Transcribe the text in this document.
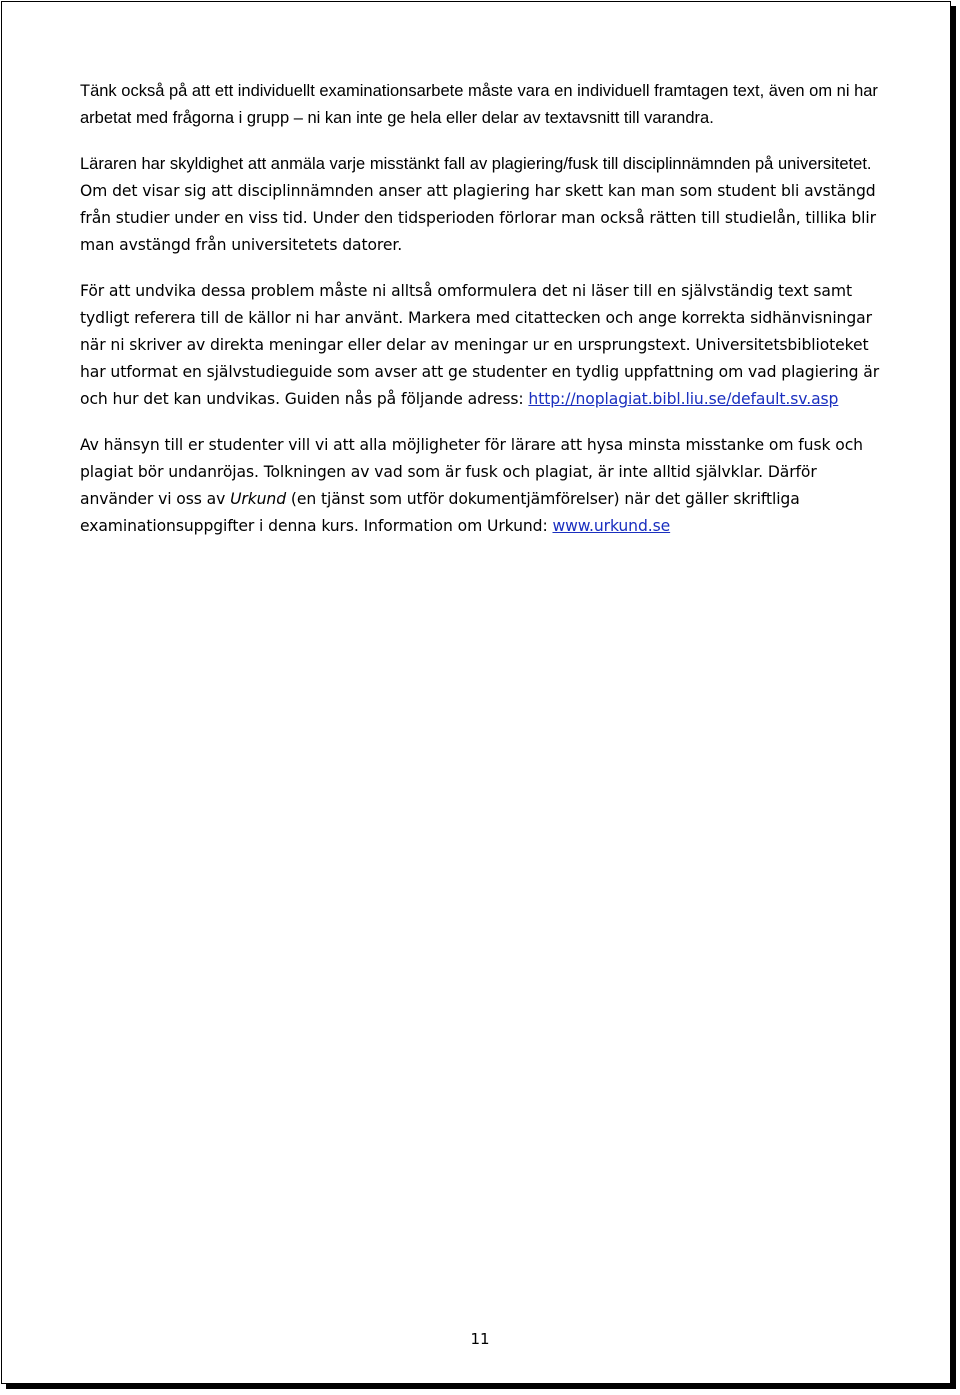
Tänk också på att ett individuellt examinationsarbete måste vara en individuell framtagen text, även om ni har arbetat med frågorna i grupp – ni kan inte ge hela eller delar av textavsnitt till varandra.

Läraren har skyldighet att anmäla varje misstänkt fall av plagiering/fusk till disciplinnämnden på universitetet. Om det visar sig att disciplinnämnden anser att plagiering har skett kan man som student bli avstängd från studier under en viss tid. Under den tidsperioden förlorar man också rätten till studielån, tillika blir man avstängd från universitetets datorer.

För att undvika dessa problem måste ni alltså omformulera det ni läser till en självständig text samt tydligt referera till de källor ni har använt. Markera med citattecken och ange korrekta sidhänvisningar när ni skriver av direkta meningar eller delar av meningar ur en ursprungstext. Universitetsbiblioteket har utformat en självstudieguide som avser att ge studenter en tydlig uppfattning om vad plagiering är och hur det kan undvikas. Guiden nås på följande adress: http://noplagiat.bibl.liu.se/default.sv.asp

Av hänsyn till er studenter vill vi att alla möjligheter för lärare att hysa minsta misstanke om fusk och plagiat bör undanröjas. Tolkningen av vad som är fusk och plagiat, är inte alltid självklar. Därför använder vi oss av Urkund (en tjänst som utför dokumentjämförelser) när det gäller skriftliga examinationsuppgifter i denna kurs. Information om Urkund: www.urkund.se

11
